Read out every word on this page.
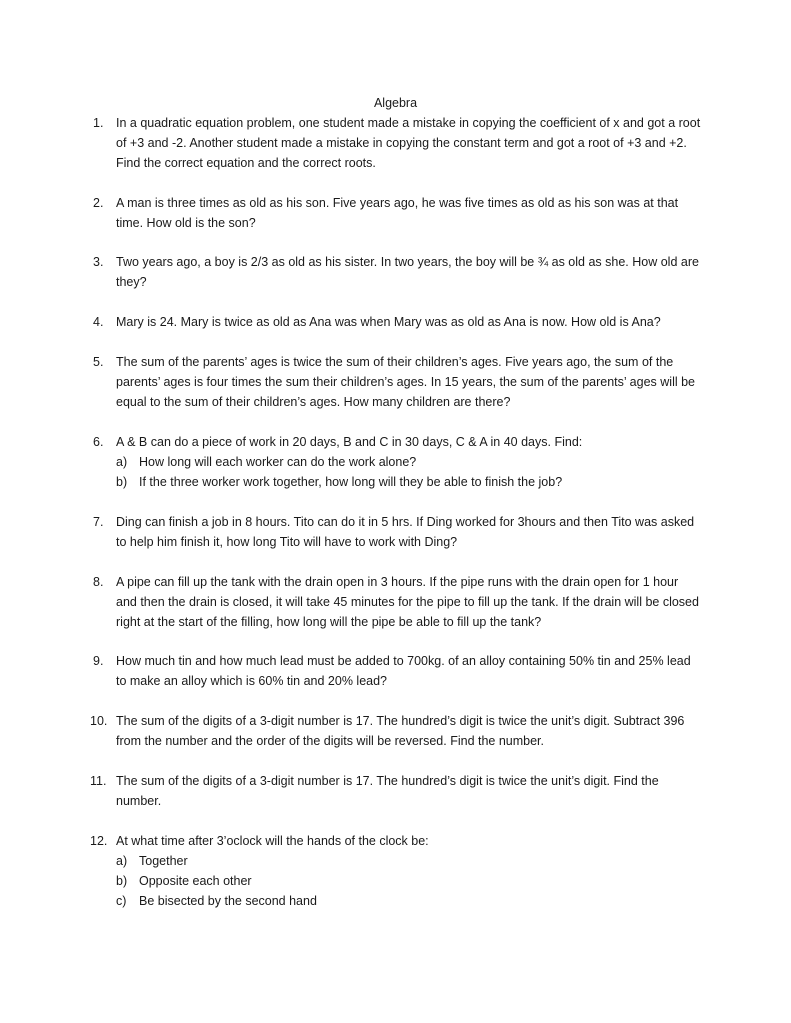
Algebra
1.	In a quadratic equation problem, one student made a mistake in copying the coefficient of x and got a root of +3 and -2. Another student made a mistake in copying the constant term and got a root of +3 and +2. Find the correct equation and the correct roots.
2.	A man is three times as old as his son. Five years ago, he was five times as old as his son was at that time. How old is the son?
3.	Two years ago, a boy is 2/3 as old as his sister. In two years, the boy will be ¾ as old as she. How old are they?
4.	Mary is 24. Mary is twice as old as Ana was when Mary was as old as Ana is now. How old is Ana?
5.	The sum of the parents’ ages is twice the sum of their children’s ages. Five years ago, the sum of the parents’ ages is four times the sum their children’s ages. In 15 years, the sum of the parents’ ages will be equal to the sum of their children’s ages. How many children are there?
6.	A & B can do a piece of work in 20 days, B and C in 30 days, C & A in 40 days. Find:
a) How long will each worker can do the work alone?
b) If the three worker work together, how long will they be able to finish the job?
7.	Ding can finish a job in 8 hours. Tito can do it in 5 hrs. If Ding worked for 3hours and then Tito was asked to help him finish it, how long Tito will have to work with Ding?
8.	A pipe can fill up the tank with the drain open in 3 hours. If the pipe runs with the drain open for 1 hour and then the drain is closed, it will take 45 minutes for the pipe to fill up the tank. If the drain will be closed right at the start of the filling, how long will the pipe be able to fill up the tank?
9.	How much tin and how much lead must be added to 700kg. of an alloy containing 50% tin and 25% lead to make an alloy which is 60% tin and 20% lead?
10. The sum of the digits of a 3-digit number is 17. The hundred’s digit is twice the unit’s digit. Subtract 396 from the number and the order of the digits will be reversed. Find the number.
11. The sum of the digits of a 3-digit number is 17. The hundred’s digit is twice the unit’s digit. Find the number.
12. At what time after 3’oclock will the hands of the clock be:
a) Together
b) Opposite each other
c) Be bisected by the second hand
